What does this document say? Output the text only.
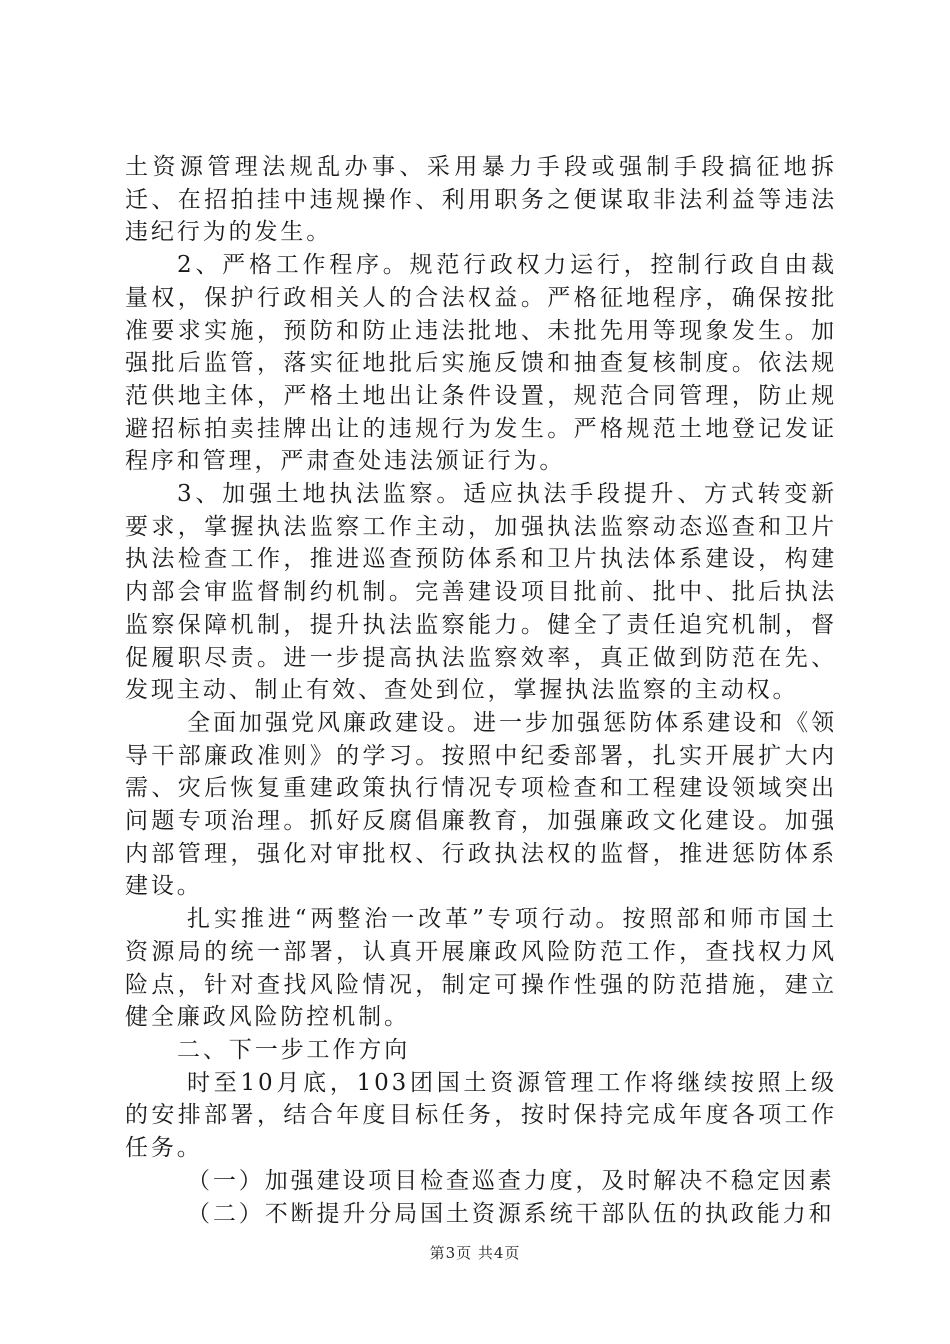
土资源管理法规乱办事、采用暴力手段或强制手段搞征地拆迁、在招拍挂中违规操作、利用职务之便谋取非法利益等违法违纪行为的发生。

2、严格工作程序。规范行政权力运行，控制行政自由裁量权，保护行政相关人的合法权益。严格征地程序，确保按批准要求实施，预防和防止违法批地、未批先用等现象发生。加强批后监管，落实征地批后实施反馈和抽查复核制度。依法规范供地主体，严格土地出让条件设置，规范合同管理，防止规避招标拍卖挂牌出让的违规行为发生。严格规范土地登记发证程序和管理，严肃查处违法颁证行为。

3、加强土地执法监察。适应执法手段提升、方式转变新要求，掌握执法监察工作主动，加强执法监察动态巡查和卫片执法检查工作，推进巡查预防体系和卫片执法体系建设，构建内部会审监督制约机制。完善建设项目批前、批中、批后执法监察保障机制，提升执法监察能力。健全了责任追究机制，督促履职尽责。进一步提高执法监察效率，真正做到防范在先、发现主动、制止有效、查处到位，掌握执法监察的主动权。

全面加强党风廉政建设。进一步加强惩防体系建设和《领导干部廉政准则》的学习。按照中纪委部署，扎实开展扩大内需、灾后恢复重建政策执行情况专项检查和工程建设领域突出问题专项治理。抓好反腐倡廉教育，加强廉政文化建设。加强内部管理，强化对审批权、行政执法权的监督，推进惩防体系建设。

扎实推进“两整治一改革”专项行动。按照部和师市国土资源局的统一部署，认真开展廉政风险防范工作，查找权力风险点，针对查找风险情况，制定可操作性强的防范措施，建立健全廉政风险防控机制。

二、下一步工作方向

时至10月底，103团国土资源管理工作将继续按照上级的安排部署，结合年度目标任务，按时保持完成年度各项工作任务。

（一）加强建设项目检查巡查力度，及时解决不稳定因素

（二）不断提升分局国土资源系统干部队伍的执政能力和

第3页 共4页
